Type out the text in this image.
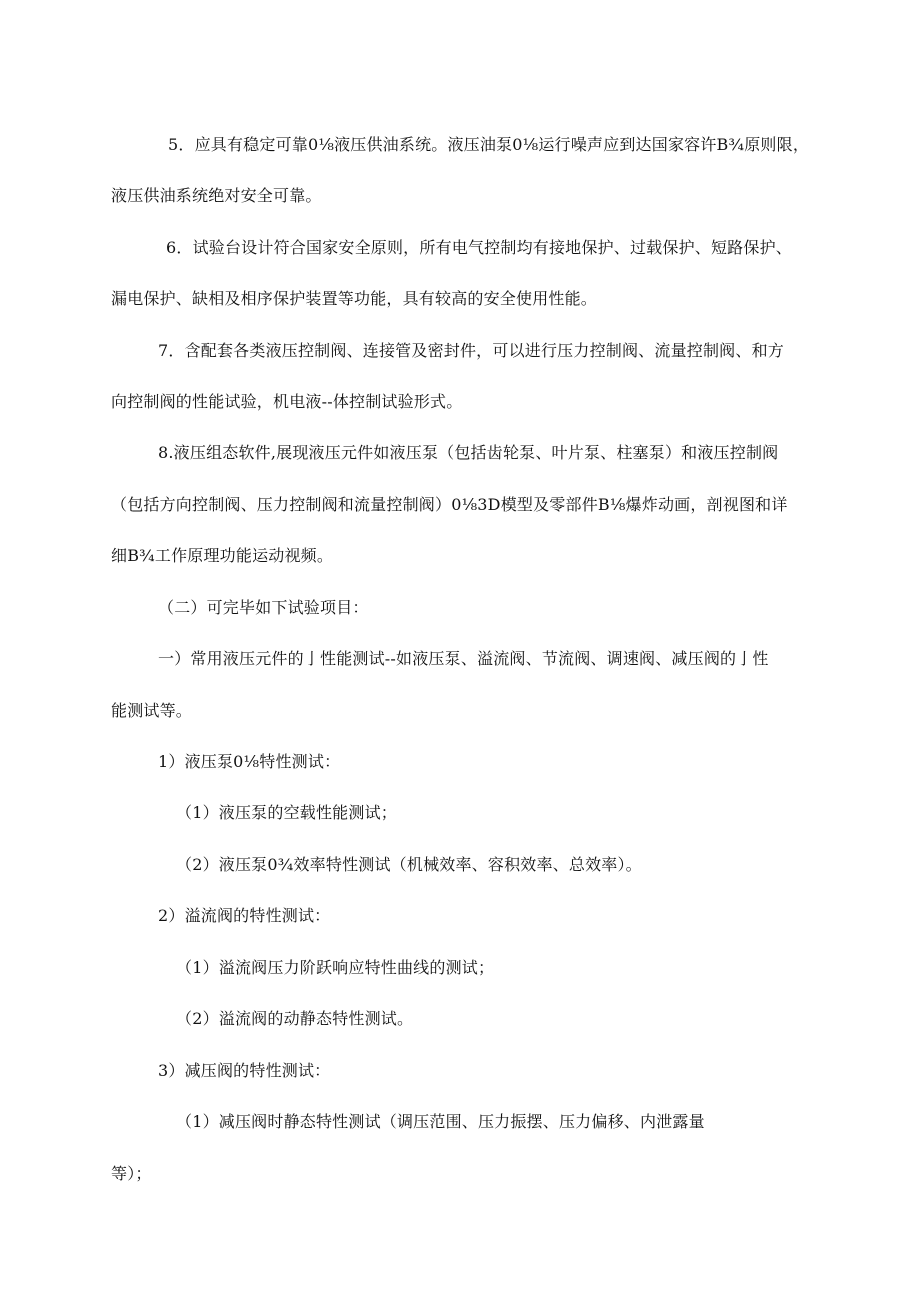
5．应具有稳定可靠0⅛液压供油系统。液压油泵0⅛运行噪声应到达国家容许B¾原则限，
液压供油系统绝对安全可靠。
6．试验台设计符合国家安全原则，所有电气控制均有接地保护、过载保护、短路保护、
漏电保护、缺相及相序保护装置等功能，具有较高的安全使用性能。
7．含配套各类液压控制阀、连接管及密封件，可以进行压力控制阀、流量控制阀、和方
向控制阀的性能试验，机电液--体控制试验形式。
8.液压组态软件,展现液压元件如液压泵（包括齿轮泵、叶片泵、柱塞泵）和液压控制阀
（包括方向控制阀、压力控制阀和流量控制阀）0⅛3D模型及零部件B⅛爆炸动画，剖视图和详
细B¾工作原理功能运动视频。
（二）可完毕如下试验项目：
一）常用液压元件的亅性能测试--如液压泵、溢流阀、节流阀、调速阀、减压阀的亅性
能测试等。
1）液压泵0⅛特性测试：
（1）液压泵的空载性能测试；
（2）液压泵0¾效率特性测试（机械效率、容积效率、总效率）。
2）溢流阀的特性测试：
（1）溢流阀压力阶跃响应特性曲线的测试；
（2）溢流阀的动静态特性测试。
3）减压阀的特性测试：
（1）减压阀时静态特性测试（调压范围、压力振摆、压力偏移、内泄露量
等）；
